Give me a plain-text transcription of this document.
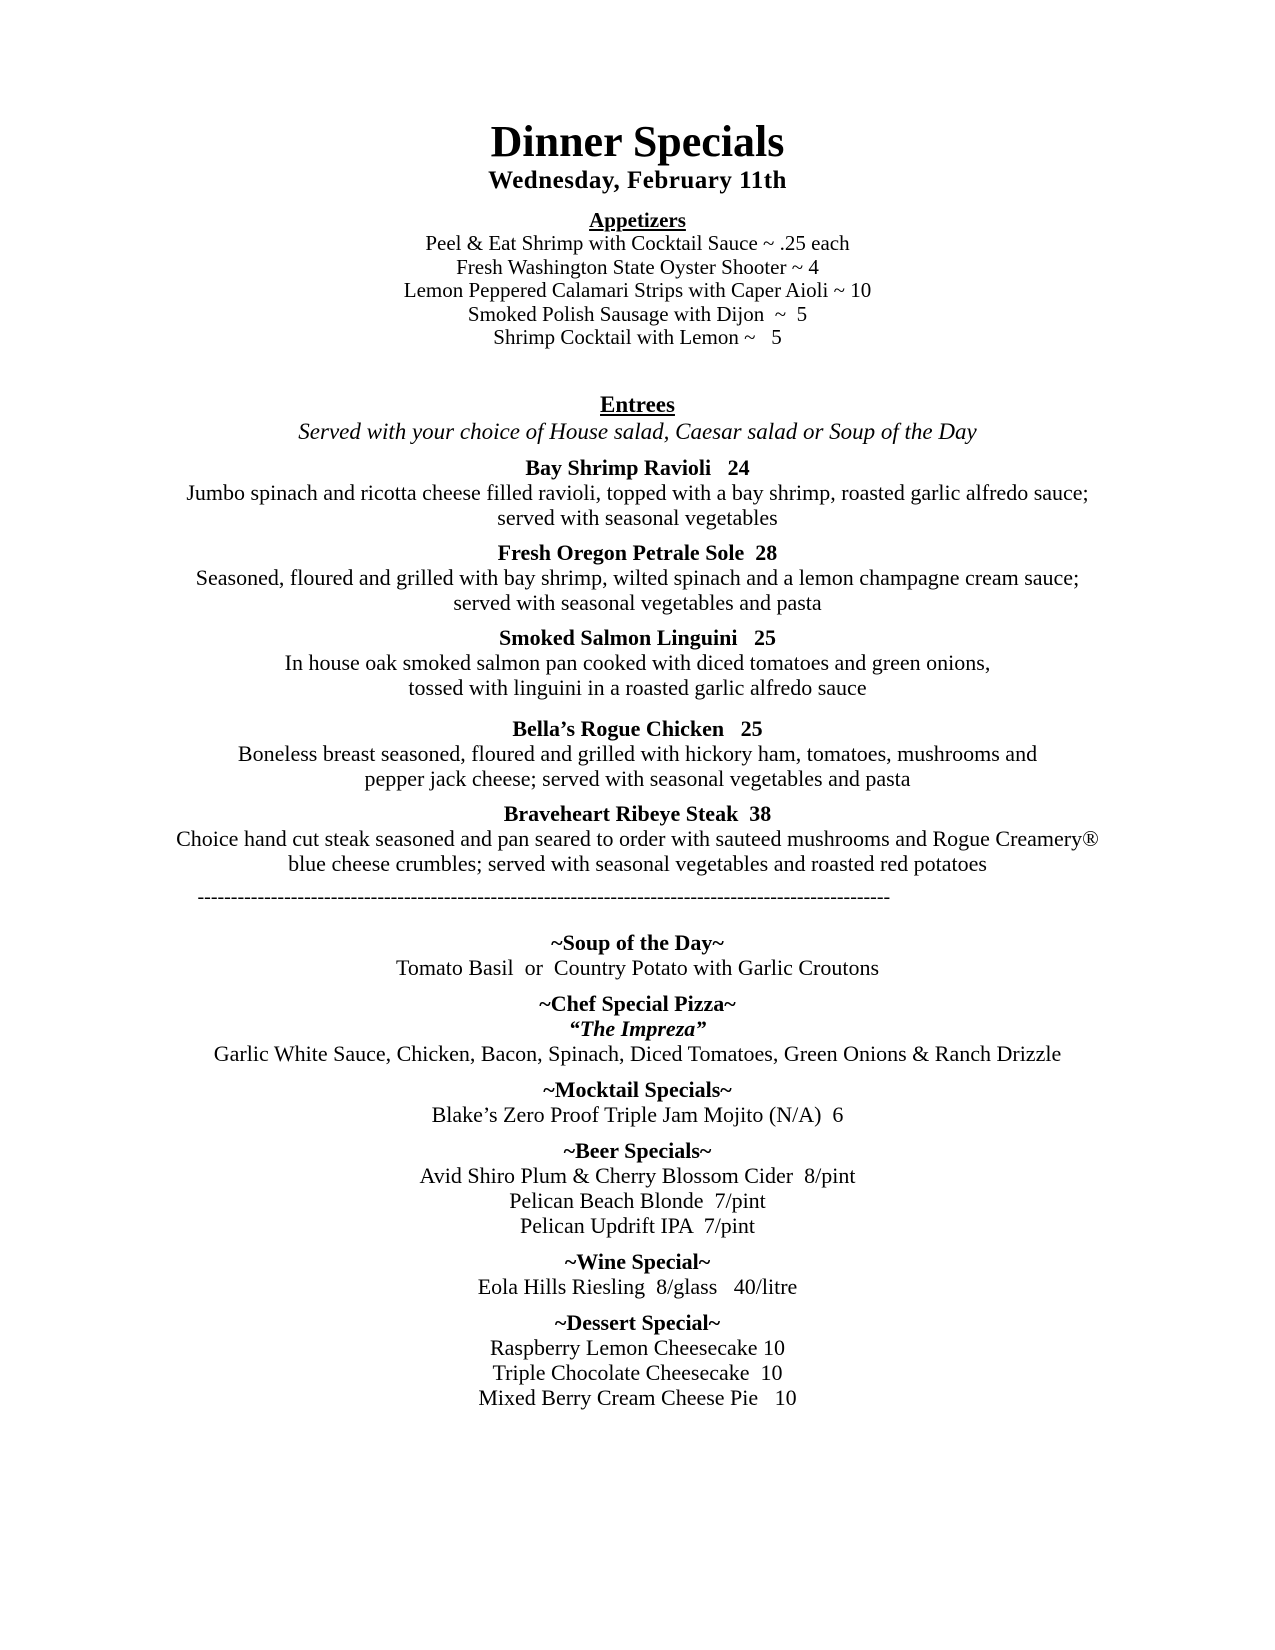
Dinner Specials
Wednesday, February 11th
Appetizers
Peel & Eat Shrimp with Cocktail Sauce ~ .25 each
Fresh Washington State Oyster Shooter ~ 4
Lemon Peppered Calamari Strips with Caper Aioli ~ 10
Smoked Polish Sausage with Dijon  ~  5
Shrimp Cocktail with Lemon ~   5
Entrees
Served with your choice of House salad, Caesar salad or Soup of the Day
Bay Shrimp Ravioli   24
Jumbo spinach and ricotta cheese filled ravioli, topped with a bay shrimp, roasted garlic alfredo sauce;
served with seasonal vegetables
Fresh Oregon Petrale Sole  28
Seasoned, floured and grilled with bay shrimp, wilted spinach and a lemon champagne cream sauce;
served with seasonal vegetables and pasta
Smoked Salmon Linguini   25
In house oak smoked salmon pan cooked with diced tomatoes and green onions,
tossed with linguini in a roasted garlic alfredo sauce
Bella’s Rogue Chicken   25
Boneless breast seasoned, floured and grilled with hickory ham, tomatoes, mushrooms and
pepper jack cheese; served with seasonal vegetables and pasta
Braveheart Ribeye Steak  38
Choice hand cut steak seasoned and pan seared to order with sauteed mushrooms and Rogue Creamery®
blue cheese crumbles; served with seasonal vegetables and roasted red potatoes
--------------------------------------------------------------------------------------------------------
~Soup of the Day~
Tomato Basil  or  Country Potato with Garlic Croutons
~Chef Special Pizza~
“The Impreza”
Garlic White Sauce, Chicken, Bacon, Spinach, Diced Tomatoes, Green Onions & Ranch Drizzle
~Mocktail Specials~
Blake’s Zero Proof Triple Jam Mojito (N/A)  6
~Beer Specials~
Avid Shiro Plum & Cherry Blossom Cider  8/pint
Pelican Beach Blonde  7/pint
Pelican Updrift IPA  7/pint
~Wine Special~
Eola Hills Riesling  8/glass   40/litre
~Dessert Special~
Raspberry Lemon Cheesecake 10
Triple Chocolate Cheesecake  10
Mixed Berry Cream Cheese Pie   10
